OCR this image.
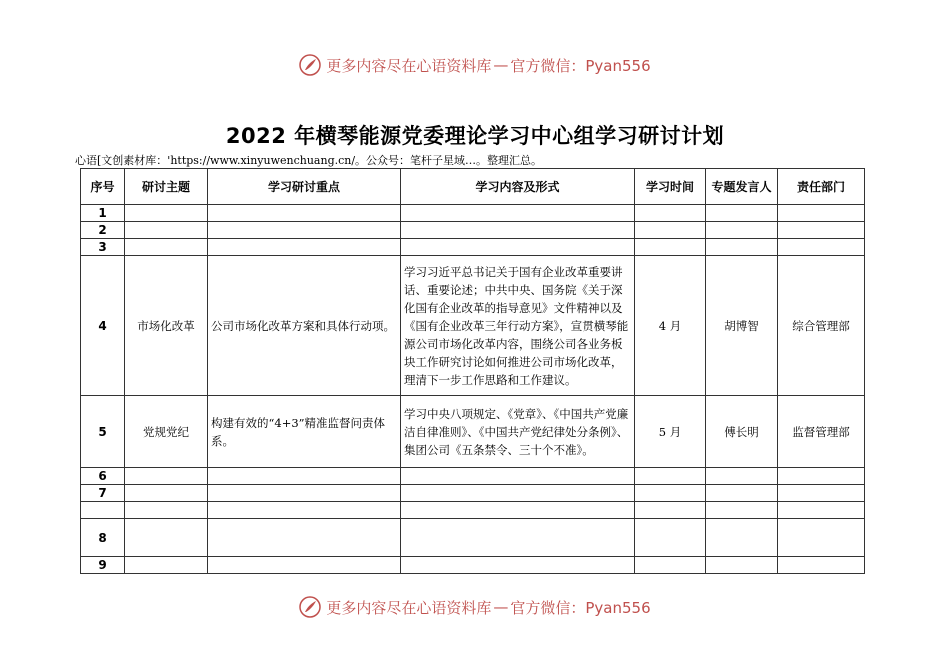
更多内容尽在心语资料库 — 官方微信：Pyan556
2022 年横琴能源党委理论学习中心组学习研讨计划
心语[文创素材库：'https://www.xinyuwenchuang.cn/。公众号：笔杆子星域…。整理汇总。
序号	研讨主题	学习研讨重点	学习内容及形式	学习时间	专题发言人	责任部门
1						
2						
3						
4	市场化改革	公司市场化改革方案和具体行动项。	学习习近平总书记关于国有企业改革重要讲话、重要论述；中共中央、国务院《关于深化国有企业改革的指导意见》文件精神以及《国有企业改革三年行动方案》，宣贯横琴能源公司市场化改革内容，围绕公司各业务板块工作研究讨论如何推进公司市场化改革，理清下一步工作思路和工作建议。	4 月	胡博智	综合管理部
5	党规党纪	构建有效的“4+3”精准监督问责体系。	学习中央八项规定、《党章》、《中国共产党廉洁自律准则》、《中国共产党纪律处分条例》、集团公司《五条禁令、三十个不准》。	5 月	傅长明	监督管理部
6						
7						

8						
9						
更多内容尽在心语资料库 — 官方微信：Pyan556
